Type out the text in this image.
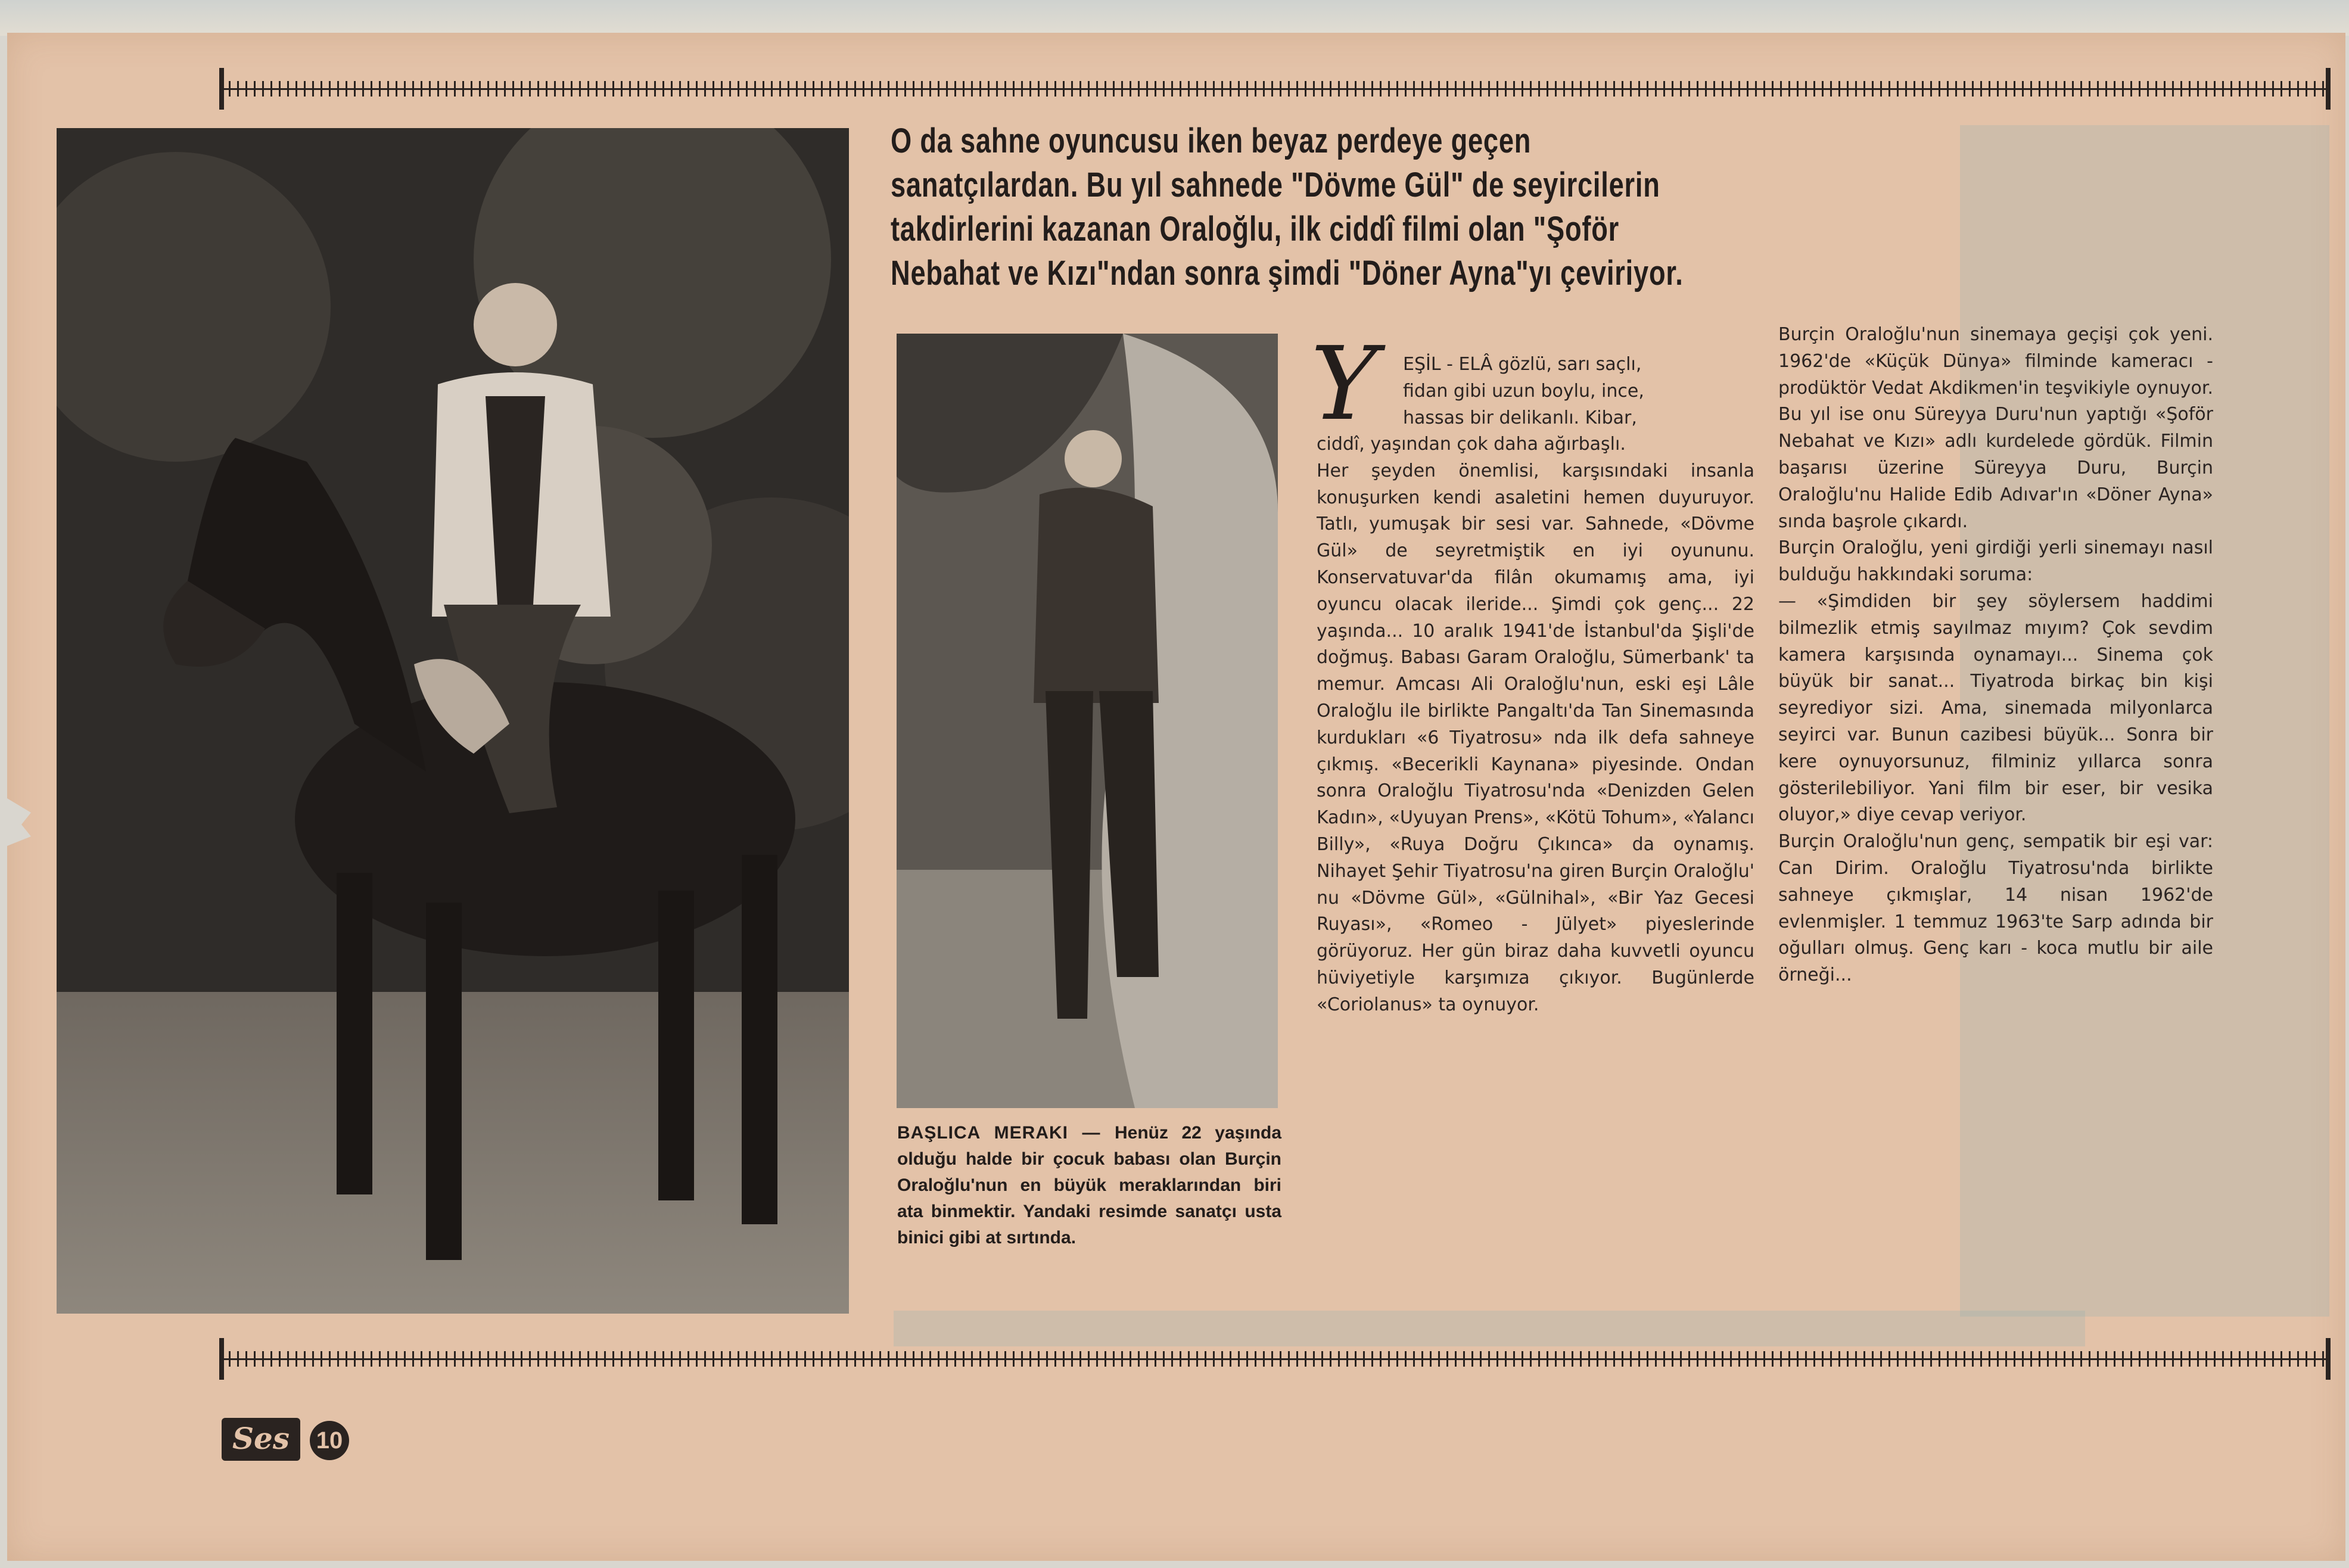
O da sahne oyuncusu iken beyaz perdeye geçen sanatçılardan. Bu yıl sahnede "Dövme Gül" de seyircilerin takdirlerini kazanan Oraloğlu, ilk ciddî filmi olan "Şoför Nebahat ve Kızı"ndan sonra şimdi "Döner Ayna"yı çeviriyor.
BAŞLICA MERAKI — Henüz 22 yaşında olduğu halde bir çocuk babası olan Burçin Oraloğlu'nun en büyük meraklarından biri ata binmektir. Yandaki resimde sanatçı usta binici gibi at sırtında.
Y EŞİL - ELÂ gözlü, sarı saçlı,
fidan gibi uzun boylu, ince,
hassas bir delikanlı. Kibar,
ciddî, yaşından çok daha ağırbaşlı.
Her şeyden önemlisi, karşısındaki insanla konuşurken kendi asaletini hemen duyuruyor. Tatlı, yumuşak bir sesi var. Sahnede, «Dövme Gül» de seyretmiştik en iyi oyununu. Konservatuvar'da filân okumamış ama, iyi oyuncu olacak ileride... Şimdi çok genç... 22 yaşında... 10 aralık 1941'de İstanbul'da Şişli'de doğmuş. Babası Garam Oraloğlu, Sümerbank' ta memur. Amcası Ali Oraloğlu'nun, eski eşi Lâle Oraloğlu ile birlikte Pangaltı'da Tan Sinemasında kurdukları «6 Tiyatrosu» nda ilk defa sahneye çıkmış. «Becerikli Kaynana» piyesinde. Ondan sonra Oraloğlu Tiyatrosu'nda «Denizden Gelen Kadın», «Uyuyan Prens», «Kötü Tohum», «Yalancı Billy», «Ruya Doğru Çıkınca» da oynamış. Nihayet Şehir Tiyatrosu'na giren Burçin Oraloğlu' nu «Dövme Gül», «Gülnihal», «Bir Yaz Gecesi Ruyası», «Romeo - Jülyet» piyeslerinde görüyoruz. Her gün biraz daha kuvvetli oyuncu hüviyetiyle karşımıza çıkıyor. Bugünlerde «Coriolanus» ta oynuyor.
Burçin Oraloğlu'nun sinemaya geçişi çok yeni. 1962'de «Küçük Dünya» filminde kameracı - prodüktör Vedat Akdikmen'in teşvikiyle oynuyor. Bu yıl ise onu Süreyya Duru'nun yaptığı «Şoför Nebahat ve Kızı» adlı kurdelede gördük. Filmin başarısı üzerine Süreyya Duru, Burçin Oraloğlu'nu Halide Edib Adıvar'ın «Döner Ayna» sında başrole çıkardı.
Burçin Oraloğlu, yeni girdiği yerli sinemayı nasıl bulduğu hakkındaki soruma:
— «Şimdiden bir şey söylersem haddimi bilmezlik etmiş sayılmaz mıyım? Çok sevdim kamera karşısında oynamayı... Sinema çok büyük bir sanat... Tiyatroda birkaç bin kişi seyrediyor sizi. Ama, sinemada milyonlarca seyirci var. Bunun cazibesi büyük... Sonra bir kere oynuyorsunuz, filminiz yıllarca sonra gösterilebiliyor. Yani film bir eser, bir vesika oluyor,» diye cevap veriyor.
Burçin Oraloğlu'nun genç, sempatik bir eşi var: Can Dirim. Oraloğlu Tiyatrosu'nda birlikte sahneye çıkmışlar, 14 nisan 1962'de evlenmişler. 1 temmuz 1963'te Sarp adında bir oğulları olmuş. Genç karı - koca mutlu bir aile örneği...
Ses	10
